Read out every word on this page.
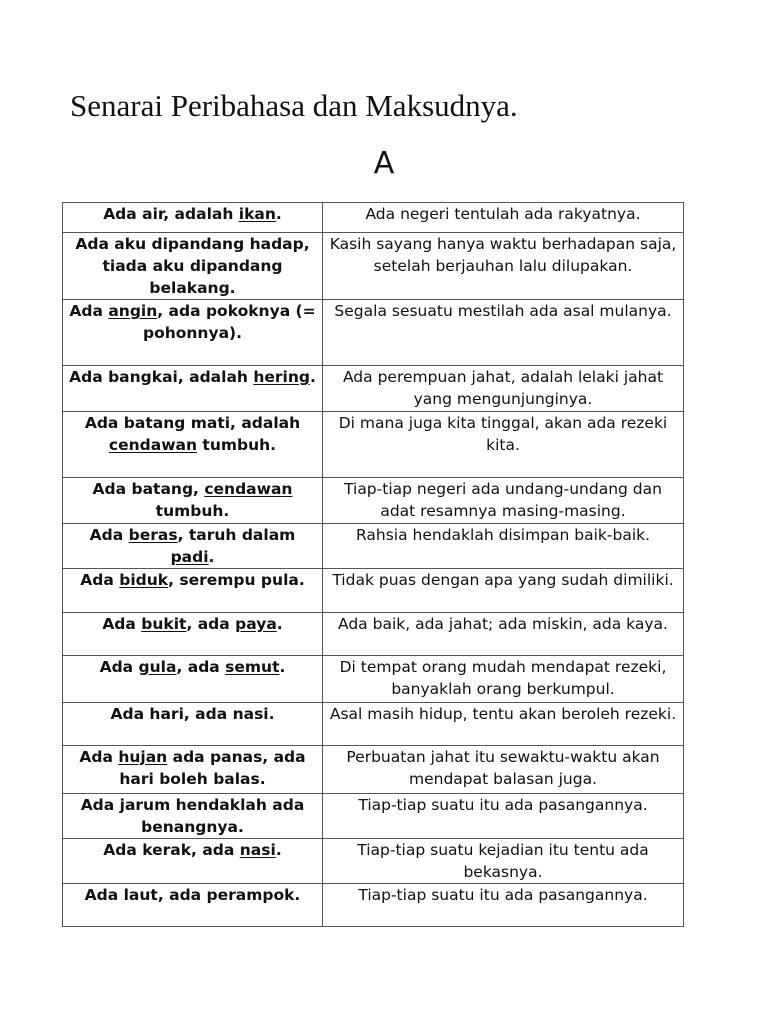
Senarai Peribahasa dan Maksudnya.
A
Ada air, adalah ikan.	Ada negeri tentulah ada rakyatnya.
Ada aku dipandang hadap, tiada aku dipandang belakang.	Kasih sayang hanya waktu berhadapan saja, setelah berjauhan lalu dilupakan.
Ada angin, ada pokoknya (= pohonnya).	Segala sesuatu mestilah ada asal mulanya.
Ada bangkai, adalah hering.	Ada perempuan jahat, adalah lelaki jahat yang mengunjunginya.
Ada batang mati, adalah cendawan tumbuh.	Di mana juga kita tinggal, akan ada rezeki kita.
Ada batang, cendawan tumbuh.	Tiap-tiap negeri ada undang-undang dan adat resamnya masing-masing.
Ada beras, taruh dalam padi.	Rahsia hendaklah disimpan baik-baik.
Ada biduk, serempu pula.	Tidak puas dengan apa yang sudah dimiliki.
Ada bukit, ada paya.	Ada baik, ada jahat; ada miskin, ada kaya.
Ada gula, ada semut.	Di tempat orang mudah mendapat rezeki, banyaklah orang berkumpul.
Ada hari, ada nasi.	Asal masih hidup, tentu akan beroleh rezeki.
Ada hujan ada panas, ada hari boleh balas.	Perbuatan jahat itu sewaktu-waktu akan mendapat balasan juga.
Ada jarum hendaklah ada benangnya.	Tiap-tiap suatu itu ada pasangannya.
Ada kerak, ada nasi.	Tiap-tiap suatu kejadian itu tentu ada bekasnya.
Ada laut, ada perampok.	Tiap-tiap suatu itu ada pasangannya.
